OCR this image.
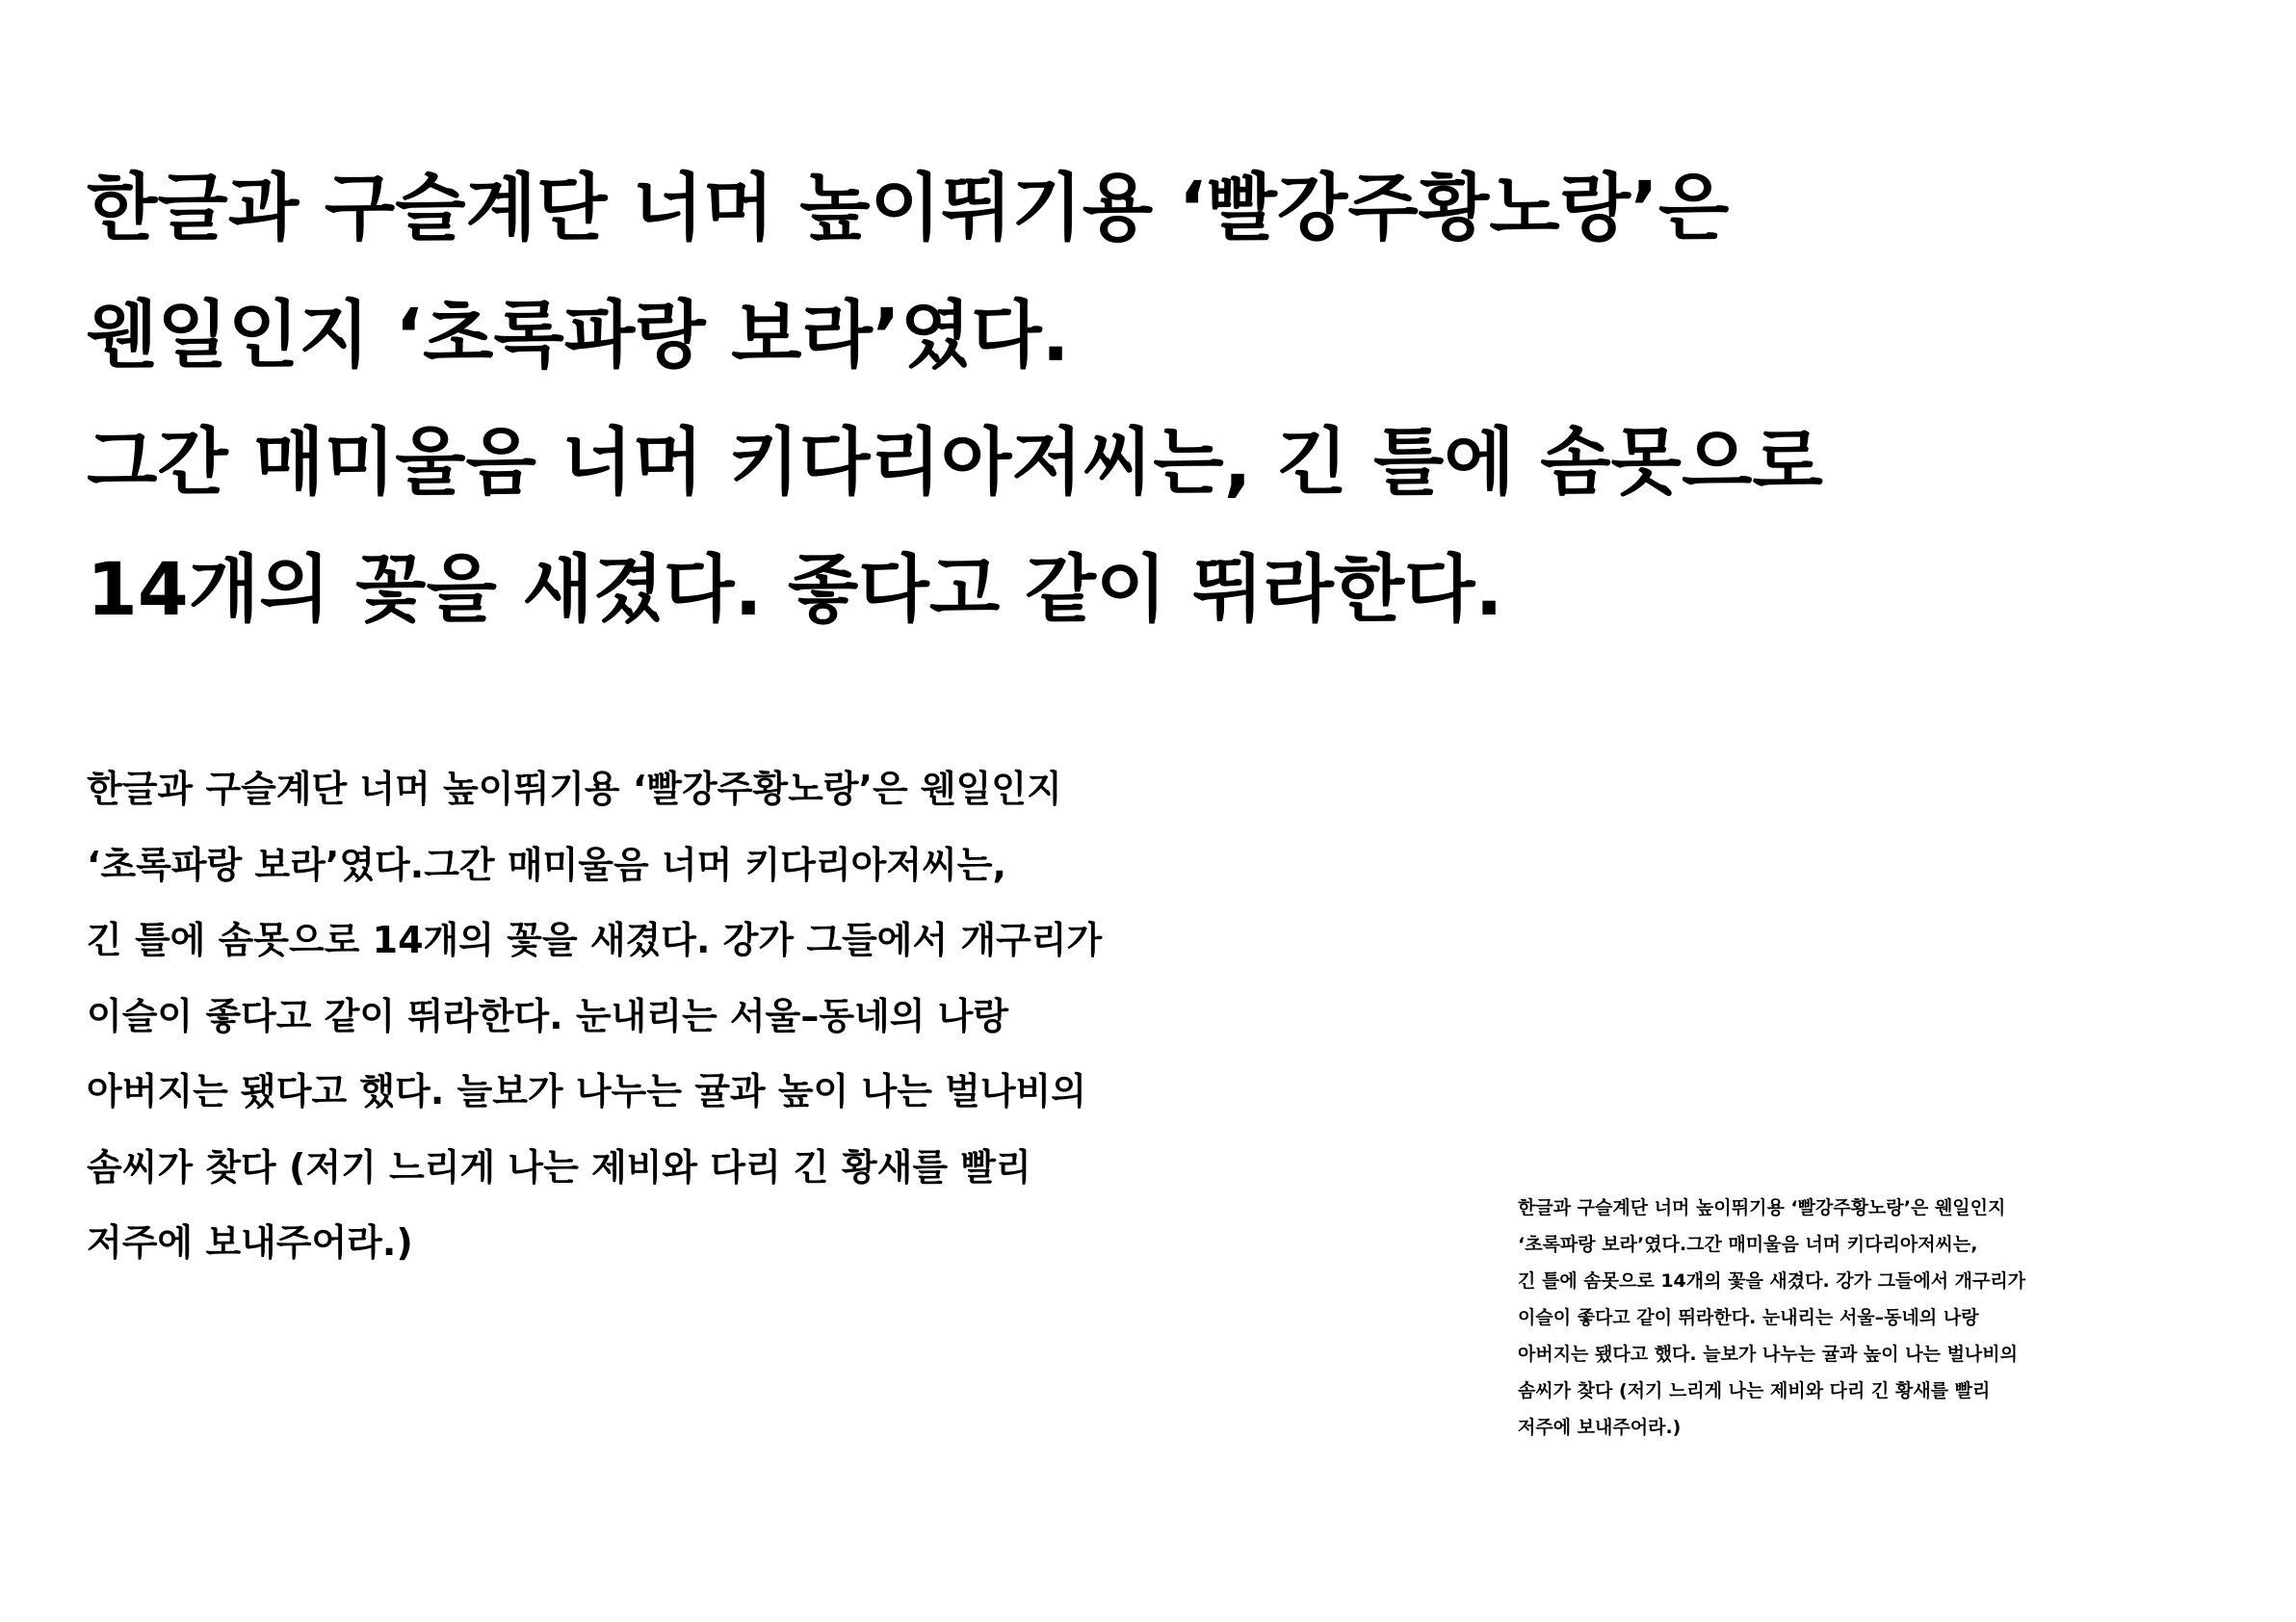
한글과 구슬계단 너머 높이뛰기용 ‘빨강주황노랑’은
웬일인지 ‘초록파랑 보라’였다.
그간 매미울음 너머 키다리아저씨는, 긴 틀에 솜못으로
14개의 꽃을 새겼다. 좋다고 같이 뛰라한다.
한글과 구슬계단 너머 높이뛰기용 ‘빨강주황노랑’은 웬일인지
‘초록파랑 보라’였다.그간 매미울음 너머 키다리아저씨는,
긴 틀에 솜못으로 14개의 꽃을 새겼다. 강가 그들에서 개구리가
이슬이 좋다고 같이 뛰라한다. 눈내리는 서울–동네의 나랑
아버지는 됐다고 했다. 늘보가 나누는 귤과 높이 나는 벌나비의
솜씨가 찾다 (저기 느리게 나는 제비와 다리 긴 황새를 빨리
저주에 보내주어라.)
한글과 구슬계단 너머 높이뛰기용 ‘빨강주황노랑’은 웬일인지
‘초록파랑 보라’였다.그간 매미울음 너머 키다리아저씨는,
긴 틀에 솜못으로 14개의 꽃을 새겼다. 강가 그들에서 개구리가
이슬이 좋다고 같이 뛰라한다. 눈내리는 서울–동네의 나랑
아버지는 됐다고 했다. 늘보가 나누는 귤과 높이 나는 벌나비의
솜씨가 찾다 (저기 느리게 나는 제비와 다리 긴 황새를 빨리
저주에 보내주어라.)
